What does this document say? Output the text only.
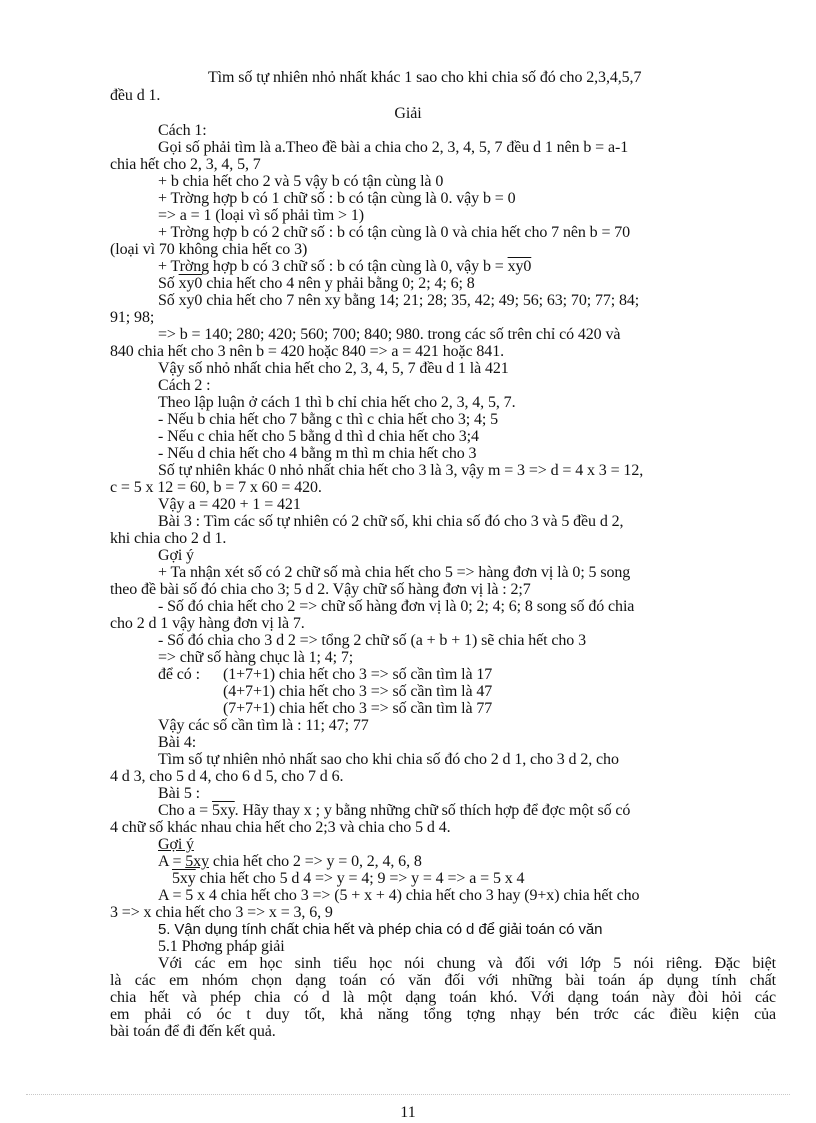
Tìm số tự nhiên nhỏ nhất khác 1 sao cho khi chia số đó cho 2,3,4,5,7
đều d 1.
Giải
Cách 1:
Gọi số phải tìm là a.Theo đề bài a chia cho 2, 3, 4, 5, 7 đều d 1 nên b = a-1
chia hết cho 2, 3, 4, 5, 7
+ b chia hết cho 2 và 5 vậy b có tận cùng là 0
+ Trờng hợp b có 1 chữ số : b có tận cùng là 0. vậy b = 0
=> a = 1 (loại vì số phải tìm > 1)
+ Trờng hợp b có 2 chữ số : b có tận cùng là 0 và chia hết cho 7 nên b = 70
(loại vì 70 không chia hết co 3)
+ Trờng hợp b có 3 chữ số : b có tận cùng là 0, vậy b = xy0
Số xy0 chia hết cho 4 nên y phải bằng 0; 2; 4; 6; 8
Số xy0 chia hết cho 7 nên xy bằng 14; 21; 28; 35, 42; 49; 56; 63; 70; 77; 84;
91; 98;
=> b = 140; 280; 420; 560; 700; 840; 980. trong các số trên chỉ có 420 và
840 chia hết cho 3 nên b = 420 hoặc 840 => a = 421 hoặc 841.
Vậy số nhỏ nhất chia hết cho 2, 3, 4, 5, 7 đều d 1 là 421
Cách 2 :
Theo lập luận ở cách 1 thì b chỉ chia hết cho 2, 3, 4, 5, 7.
- Nếu b chia hết cho 7 bằng c thì c chia hết cho 3; 4; 5
- Nếu c chia hết cho 5 bằng d thì d chia hết cho 3;4
- Nếu d chia hết cho 4 bằng m thì m chia hết cho 3
Số tự nhiên khác 0 nhỏ nhất chia hết cho 3 là 3, vậy m = 3 => d = 4 x 3 = 12,
c = 5 x 12 = 60, b = 7 x 60 = 420.
Vậy a = 420 + 1 = 421
Bài 3 : Tìm các số tự nhiên có 2 chữ số, khi chia số đó cho 3 và 5 đều d 2,
khi chia cho 2 d 1.
Gợi ý
+ Ta nhận xét số có 2 chữ số mà chia hết cho 5 => hàng đơn vị là 0; 5 song
theo đề bài số đó chia cho 3; 5 d 2. Vậy chữ số hàng đơn vị là : 2;7
- Số đó chia hết cho 2 => chữ số hàng đơn vị là 0; 2; 4; 6; 8 song số đó chia
cho 2 d 1 vậy hàng đơn vị là 7.
- Số đó chia cho 3 d 2 => tổng 2 chữ số (a + b + 1) sẽ chia hết cho 3
=> chữ số hàng chục là 1; 4; 7;
để có :	(1+7+1) chia hết cho 3 => số cần tìm là 17
(4+7+1) chia hết cho 3 => số cần tìm là 47
(7+7+1) chia hết cho 3 => số cần tìm là 77
Vậy các số cần tìm là : 11; 47; 77
Bài 4:
Tìm số tự nhiên nhỏ nhất sao cho khi chia số đó cho 2 d 1, cho 3 d 2, cho
4 d 3, cho 5 d 4, cho 6 d 5, cho 7 d 6.
Bài 5 :
Cho a = 5xy. Hãy thay x ; y bằng những chữ số thích hợp để đợc một số có
4 chữ số khác nhau chia hết cho 2;3 và chia cho 5 d 4.
Gợi ý
A = 5xy chia hết cho 2 => y = 0, 2, 4, 6, 8
5xy chia hết cho 5 d 4 => y = 4; 9 => y = 4 => a = 5 x 4
A = 5 x 4 chia hết cho 3 => (5 + x + 4) chia hết cho 3 hay (9+x) chia hết cho
3 => x chia hết cho 3 => x = 3, 6, 9
5. Vận dụng tính chất chia hết và phép chia có d để giải toán có văn
5.1 Phơng pháp giải
Với các em học sinh tiểu học nói chung và đối với lớp 5 nói riêng. Đặc biệt
là các em nhóm chọn dạng toán có văn đối với những bài toán áp dụng tính chất
chia hết và phép chia có d là một dạng toán khó. Với dạng toán này đòi hỏi các
em phải có óc t duy tốt, khả năng tổng tợng nhạy bén trớc các điều kiện của
bài toán để đi đến kết quả.
11
